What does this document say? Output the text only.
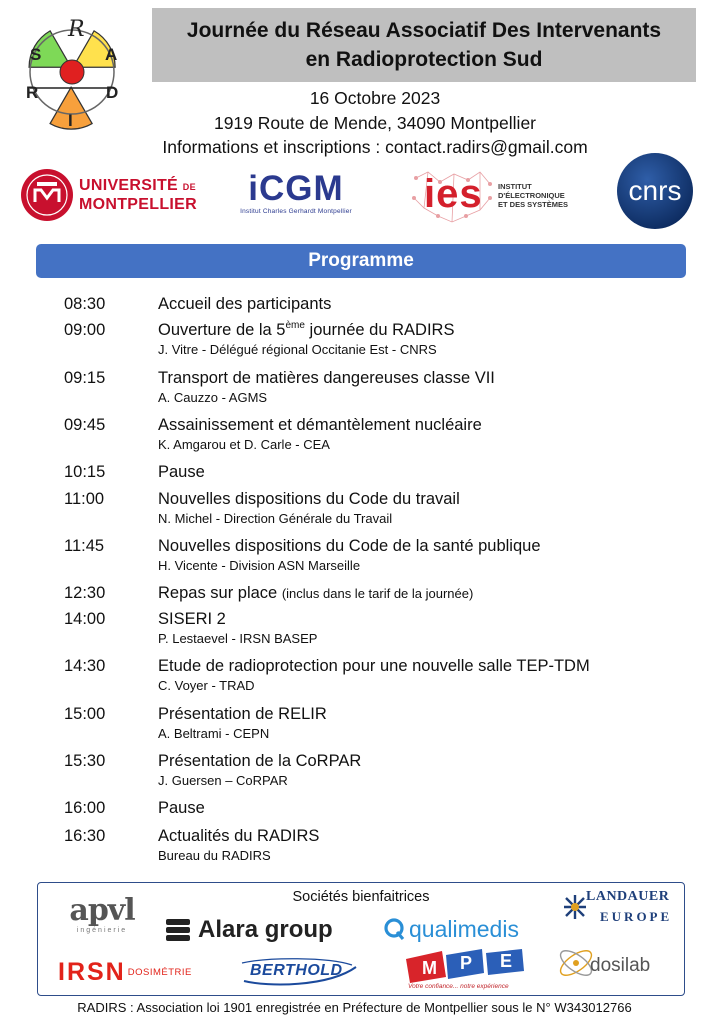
R
S	A
R	D
I
Journée du Réseau Associatif Des Intervenants
en Radioprotection Sud
16 Octobre 2023
1919 Route de Mende, 34090 Montpellier
Informations et inscriptions : contact.radirs@gmail.com
UNIVERSITÉ DE
MONTPELLIER	iCGM
Institut Charles Gerhardt Montpellier ies INSTITUT
D'ÉLECTRONIQUE
ET DES SYSTÈMES cnrs
Programme
08:30	Accueil des participants
09:00	Ouverture de la 5ème journée du RADIRS
J. Vitre - Délégué régional Occitanie Est - CNRS
09:15	Transport de matières dangereuses classe VII
A. Cauzzo - AGMS
09:45	Assainissement et démantèlement nucléaire
K. Amgarou et D. Carle - CEA
10:15	Pause
11:00	Nouvelles dispositions du Code du travail
N. Michel - Direction Générale du Travail
11:45	Nouvelles dispositions du Code de la santé publique
H. Vicente - Division ASN Marseille
12:30	Repas sur place (inclus dans le tarif de la journée)
14:00	SISERI 2
P. Lestaevel - IRSN BASEP
14:30	Etude de radioprotection pour une nouvelle salle TEP-TDM
C. Voyer - TRAD
15:00	Présentation de RELIR
A. Beltrami - CEPN
15:30	Présentation de la CoRPAR
J. Guersen – CoRPAR
16:00	Pause
16:30	Actualités du RADIRS
Bureau du RADIRS
Sociétés bienfaitrices
apvl
ingénierie	Alara group	qualimedis
LANDAUER
EUROPE
IRSN DOSIMÉTRIE	BERTHOLD	M P E
Votre confiance... notre expérience
dosilab
RADIRS : Association loi 1901 enregistrée en Préfecture de Montpellier sous le N° W343012766
